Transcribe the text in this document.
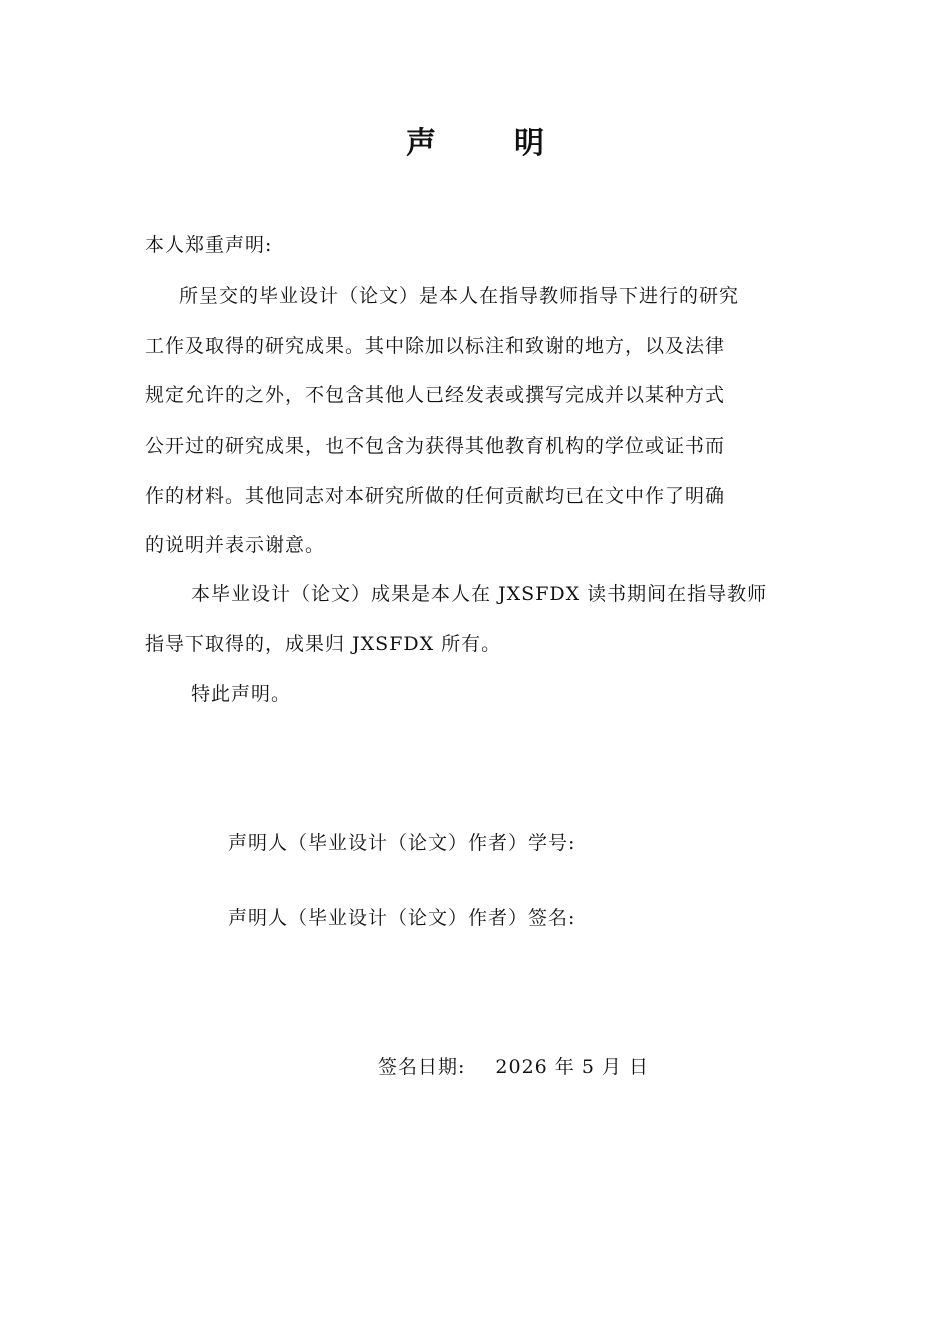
声明
本人郑重声明:
所呈交的毕业设计（论文）是本人在指导教师指导下进行的研究
工作及取得的研究成果。其中除加以标注和致谢的地方，以及法律
规定允许的之外，不包含其他人已经发表或撰写完成并以某种方式
公开过的研究成果，也不包含为获得其他教育机构的学位或证书而
作的材料。其他同志对本研究所做的任何贡献均已在文中作了明确
的说明并表示谢意。
本毕业设计（论文）成果是本人在 JXSFDX 读书期间在指导教师
指导下取得的，成果归 JXSFDX 所有。
特此声明。
声明人（毕业设计（论文）作者）学号:
声明人（毕业设计（论文）作者）签名:
签名日期: 2026 年 5 月 日
